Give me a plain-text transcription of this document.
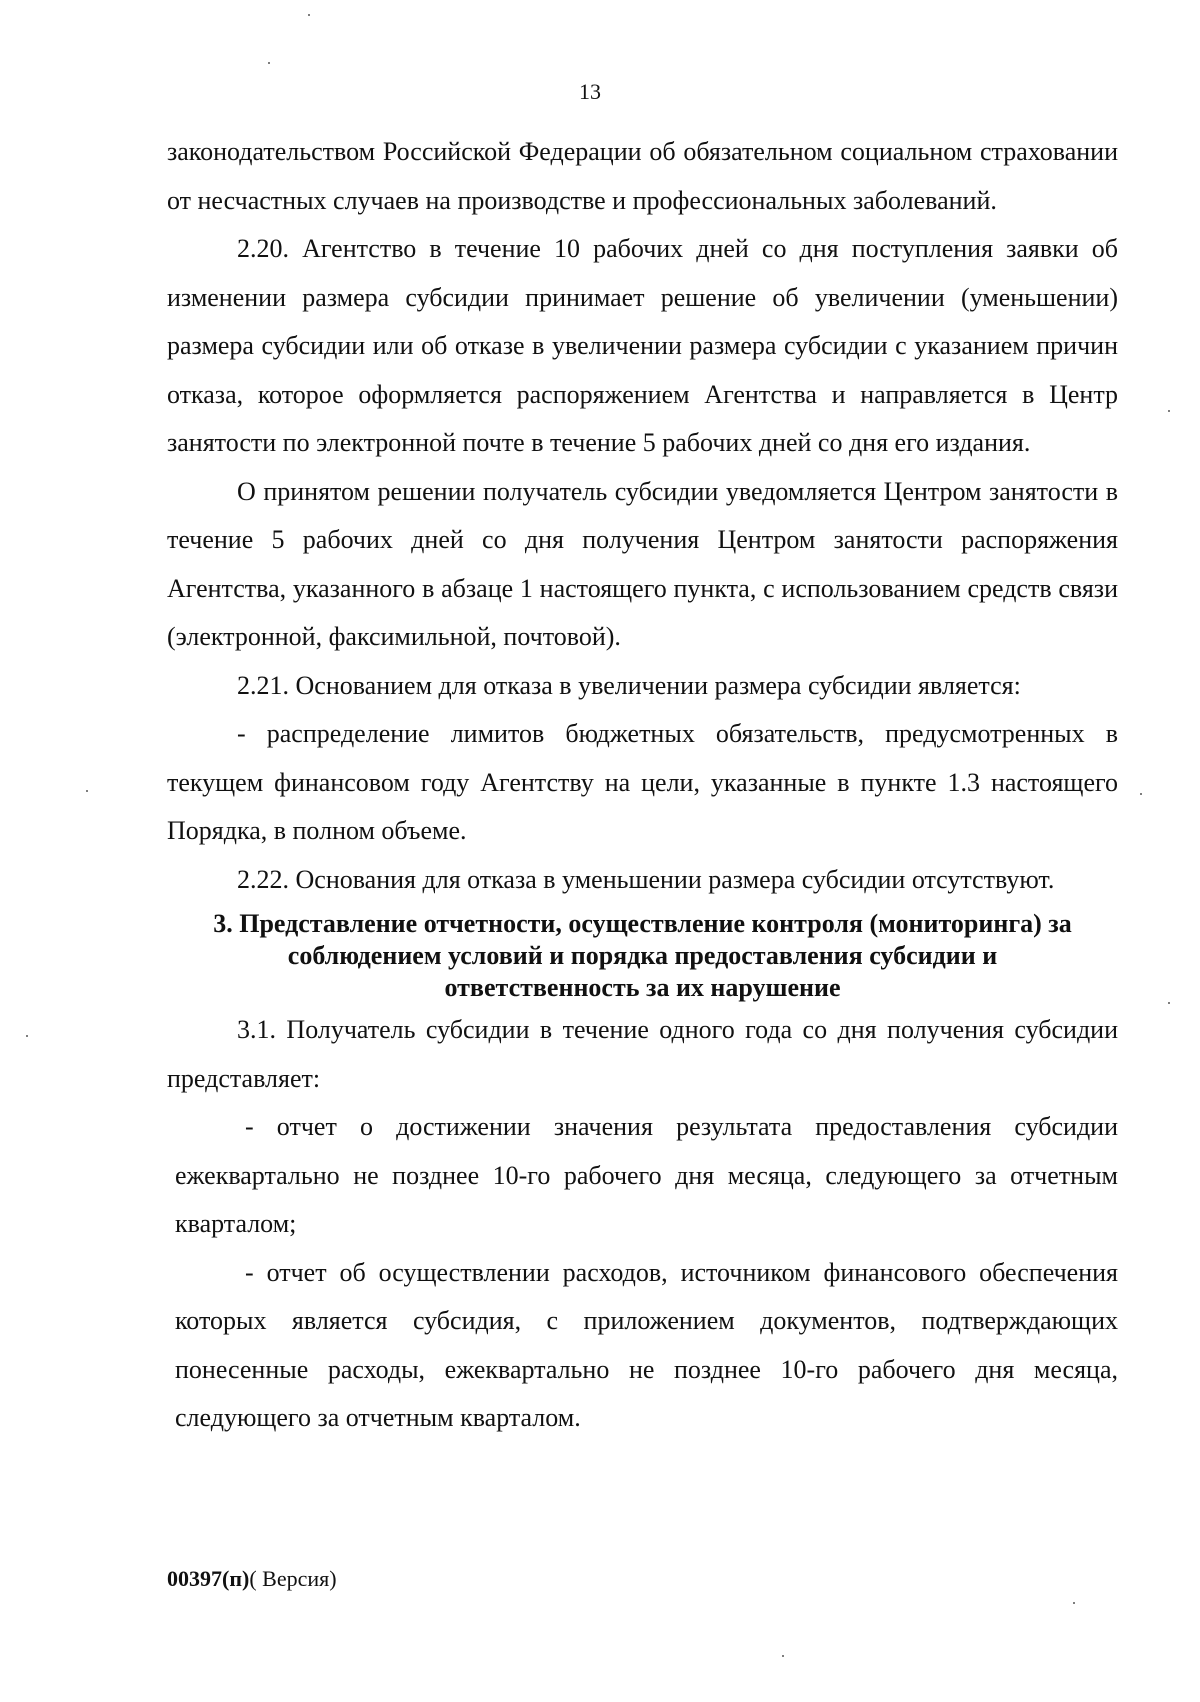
13

законодательством Российской Федерации об обязательном социальном страховании от несчастных случаев на производстве и профессиональных заболеваний.

2.20. Агентство в течение 10 рабочих дней со дня поступления заявки об изменении размера субсидии принимает решение об увеличении (уменьшении) размера субсидии или об отказе в увеличении размера субсидии с указанием причин отказа, которое оформляется распоряжением Агентства и направляется в Центр занятости по электронной почте в течение 5 рабочих дней со дня его издания.

О принятом решении получатель субсидии уведомляется Центром занятости в течение 5 рабочих дней со дня получения Центром занятости распоряжения Агентства, указанного в абзаце 1 настоящего пункта, с использованием средств связи (электронной, факсимильной, почтовой).

2.21. Основанием для отказа в увеличении размера субсидии является:

- распределение лимитов бюджетных обязательств, предусмотренных в текущем финансовом году Агентству на цели, указанные в пункте 1.3 настоящего Порядка, в полном объеме.

2.22. Основания для отказа в уменьшении размера субсидии отсутствуют.

3. Представление отчетности, осуществление контроля (мониторинга) за
соблюдением условий и порядка предоставления субсидии и
ответственность за их нарушение

3.1. Получатель субсидии в течение одного года со дня получения субсидии представляет:

- отчет о достижении значения результата предоставления субсидии ежеквартально не позднее 10-го рабочего дня месяца, следующего за отчетным кварталом;

- отчет об осуществлении расходов, источником финансового обеспечения которых является субсидия, с приложением документов, подтверждающих понесенные расходы, ежеквартально не позднее 10-го рабочего дня месяца, следующего за отчетным кварталом.

00397(п)( Версия)
